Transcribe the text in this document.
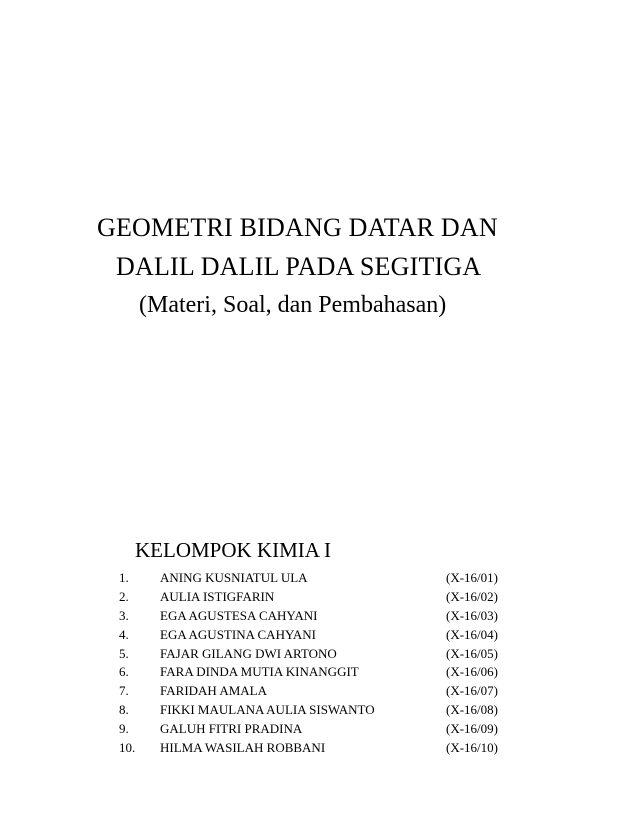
GEOMETRI BIDANG DATAR DAN
DALIL DALIL PADA SEGITIGA
(Materi, Soal, dan Pembahasan)
KELOMPOK KIMIA I
1. ANING KUSNIATUL ULA	(X-16/01)
2. AULIA ISTIGFARIN	(X-16/02)
3. EGA AGUSTESA CAHYANI	(X-16/03)
4. EGA AGUSTINA CAHYANI	(X-16/04)
5. FAJAR GILANG DWI ARTONO	(X-16/05)
6. FARA DINDA MUTIA KINANGGIT	(X-16/06)
7. FARIDAH AMALA	(X-16/07)
8. FIKKI MAULANA AULIA SISWANTO	(X-16/08)
9. GALUH FITRI PRADINA	(X-16/09)
10. HILMA WASILAH ROBBANI	(X-16/10)
